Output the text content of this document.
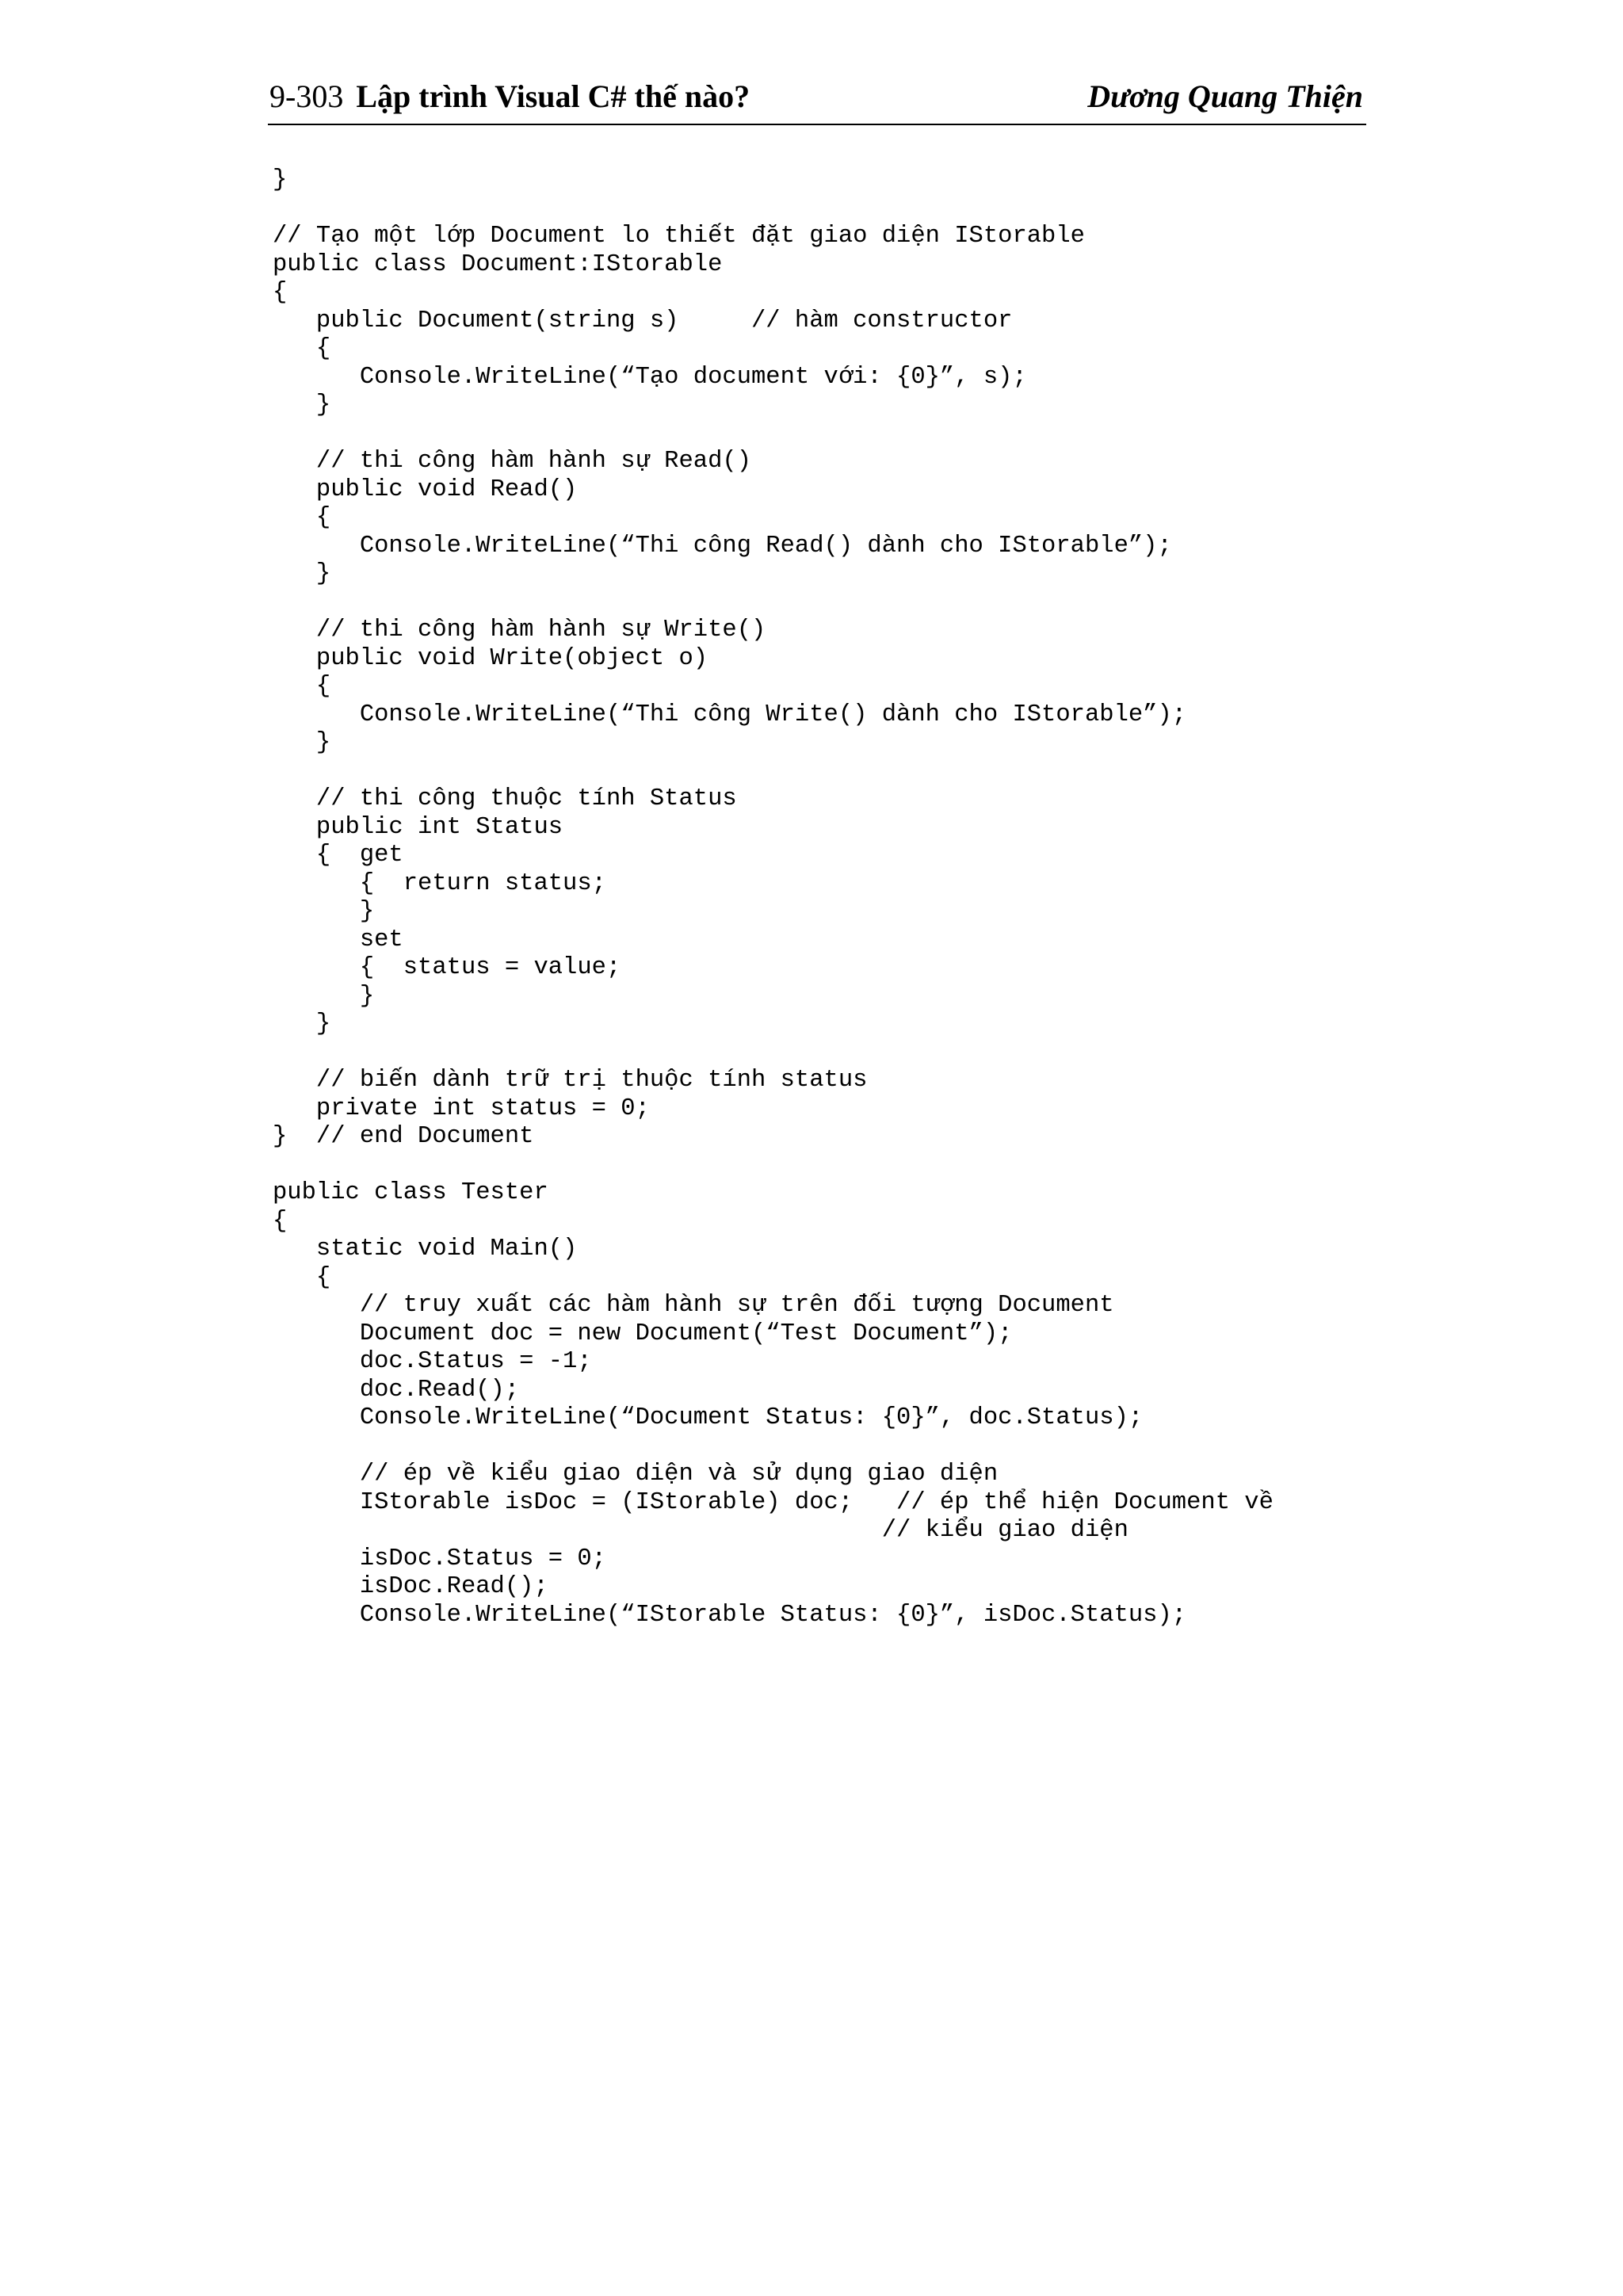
9-303 Lập trình Visual C# thế nào?	Dương Quang Thiện
}
// Tạo một lớp Document lo thiết đặt giao diện IStorable
public class Document:IStorable
{
public Document(string s)     // hàm constructor
{
Console.WriteLine(“Tạo document với: {0}”, s);
}
// thi công hàm hành sự Read()
public void Read()
{
Console.WriteLine(“Thi công Read() dành cho IStorable”);
}
// thi công hàm hành sự Write()
public void Write(object o)
{
Console.WriteLine(“Thi công Write() dành cho IStorable”);
}
// thi công thuộc tính Status
public int Status
{  get
{  return status;
}
set
{  status = value;
}
}
// biến dành trữ trị thuộc tính status
private int status = 0;
}  // end Document
public class Tester
{
static void Main()
{
// truy xuất các hàm hành sự trên đối tượng Document
Document doc = new Document(“Test Document”);
doc.Status = -1;
doc.Read();
Console.WriteLine(“Document Status: {0}”, doc.Status);
// ép về kiểu giao diện và sử dụng giao diện
IStorable isDoc = (IStorable) doc;   // ép thể hiện Document về
// kiểu giao diện
isDoc.Status = 0;
isDoc.Read();
Console.WriteLine(“IStorable Status: {0}”, isDoc.Status);
